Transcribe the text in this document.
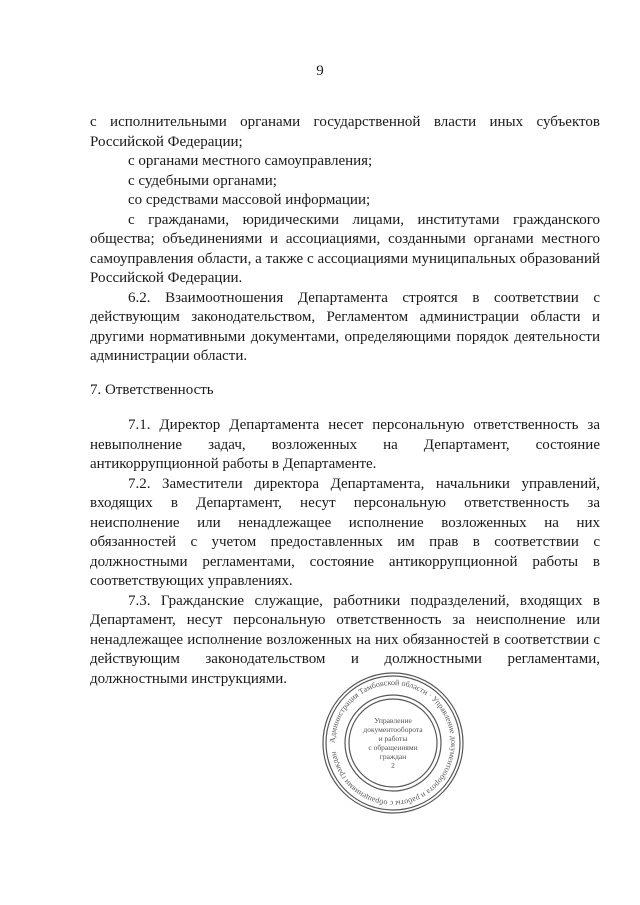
9
с исполнительными органами государственной власти иных субъектов Российской Федерации;
с органами местного самоуправления;
с судебными органами;
со средствами массовой информации;
с гражданами, юридическими лицами, институтами гражданского общества; объединениями и ассоциациями, созданными органами местного самоуправления области, а также с ассоциациями муниципальных образований Российской Федерации.
6.2. Взаимоотношения Департамента строятся в соответствии с действующим законодательством, Регламентом администрации области и другими нормативными документами, определяющими порядок деятельности администрации области.
7. Ответственность
7.1. Директор Департамента несет персональную ответственность за невыполнение задач, возложенных на Департамент, состояние антикоррупционной работы в Департаменте.
7.2. Заместители директора Департамента, начальники управлений, входящих в Департамент, несут персональную ответственность за неисполнение или ненадлежащее исполнение возложенных на них обязанностей с учетом предоставленных им прав в соответствии с должностными регламентами, состояние антикоррупционной работы в соответствующих управлениях.
7.3. Гражданские служащие, работники подразделений, входящих в Департамент, несут персональную ответственность за неисполнение или ненадлежащее исполнение возложенных на них обязанностей в соответствии с действующим законодательством и должностными регламентами, должностными инструкциями.
Администрация Тамбовской области · Управление документооборота и работы с обращениями граждан
Управление
документооборота
и работы
с обращениями
граждан
2
